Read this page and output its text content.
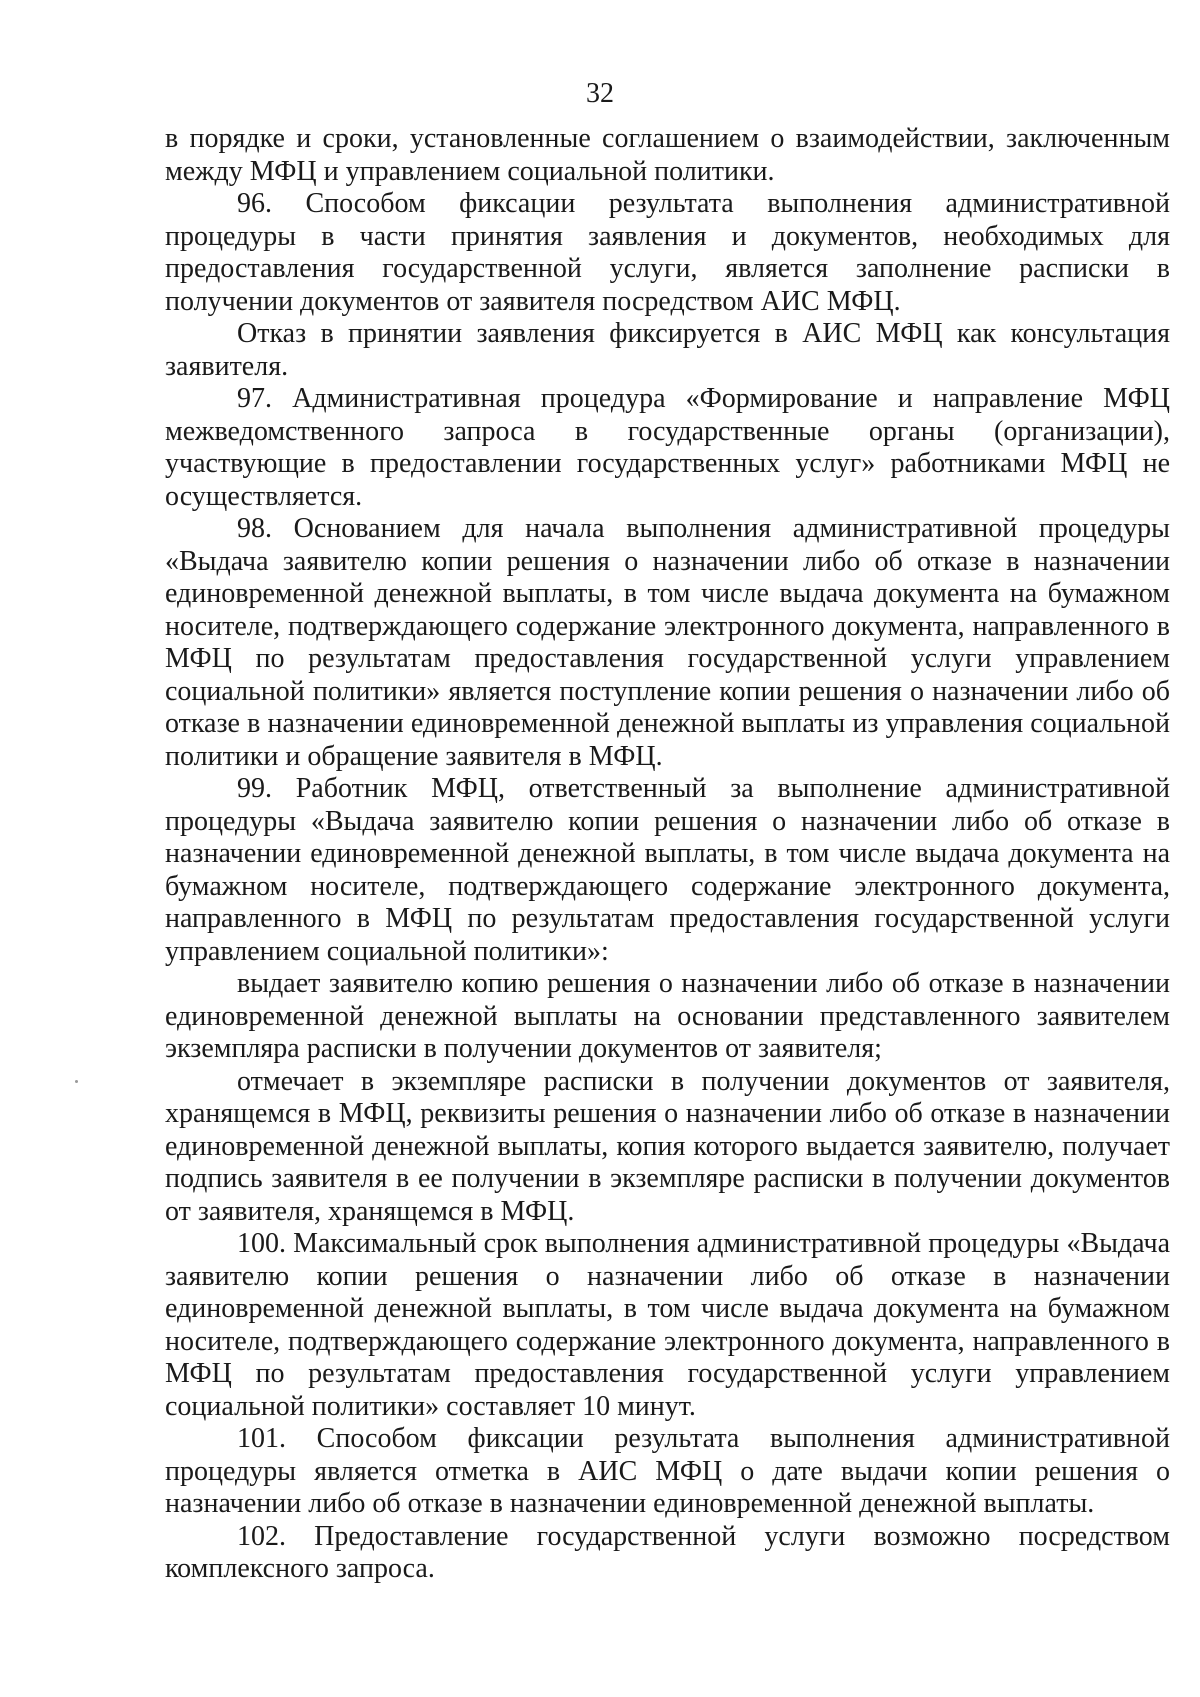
32

в порядке и сроки, установленные соглашением о взаимодействии, заключенным между МФЦ и управлением социальной политики.

96. Способом фиксации результата выполнения административной процедуры в части принятия заявления и документов, необходимых для предоставления государственной услуги, является заполнение расписки в получении документов от заявителя посредством АИС МФЦ.

Отказ в принятии заявления фиксируется в АИС МФЦ как консультация заявителя.

97. Административная процедура «Формирование и направление МФЦ межведомственного запроса в государственные органы (организации), участвующие в предоставлении государственных услуг» работниками МФЦ не осуществляется.

98. Основанием для начала выполнения административной процедуры «Выдача заявителю копии решения о назначении либо об отказе в назначении единовременной денежной выплаты, в том числе выдача документа на бумажном носителе, подтверждающего содержание электронного документа, направленного в МФЦ по результатам предоставления государственной услуги управлением социальной политики» является поступление копии решения о назначении либо об отказе в назначении единовременной денежной выплаты из управления социальной политики и обращение заявителя в МФЦ.

99. Работник МФЦ, ответственный за выполнение административной процедуры «Выдача заявителю копии решения о назначении либо об отказе в назначении единовременной денежной выплаты, в том числе выдача документа на бумажном носителе, подтверждающего содержание электронного документа, направленного в МФЦ по результатам предоставления государственной услуги управлением социальной политики»:

выдает заявителю копию решения о назначении либо об отказе в назначении единовременной денежной выплаты на основании представленного заявителем экземпляра расписки в получении документов от заявителя;

отмечает в экземпляре расписки в получении документов от заявителя, хранящемся в МФЦ, реквизиты решения о назначении либо об отказе в назначении единовременной денежной выплаты, копия которого выдается заявителю, получает подпись заявителя в ее получении в экземпляре расписки в получении документов от заявителя, хранящемся в МФЦ.

100. Максимальный срок выполнения административной процедуры «Выдача заявителю копии решения о назначении либо об отказе в назначении единовременной денежной выплаты, в том числе выдача документа на бумажном носителе, подтверждающего содержание электронного документа, направленного в МФЦ по результатам предоставления государственной услуги управлением социальной политики» составляет 10 минут.

101. Способом фиксации результата выполнения административной процедуры является отметка в АИС МФЦ о дате выдачи копии решения о назначении либо об отказе в назначении единовременной денежной выплаты.

102. Предоставление государственной услуги возможно посредством комплексного запроса.
